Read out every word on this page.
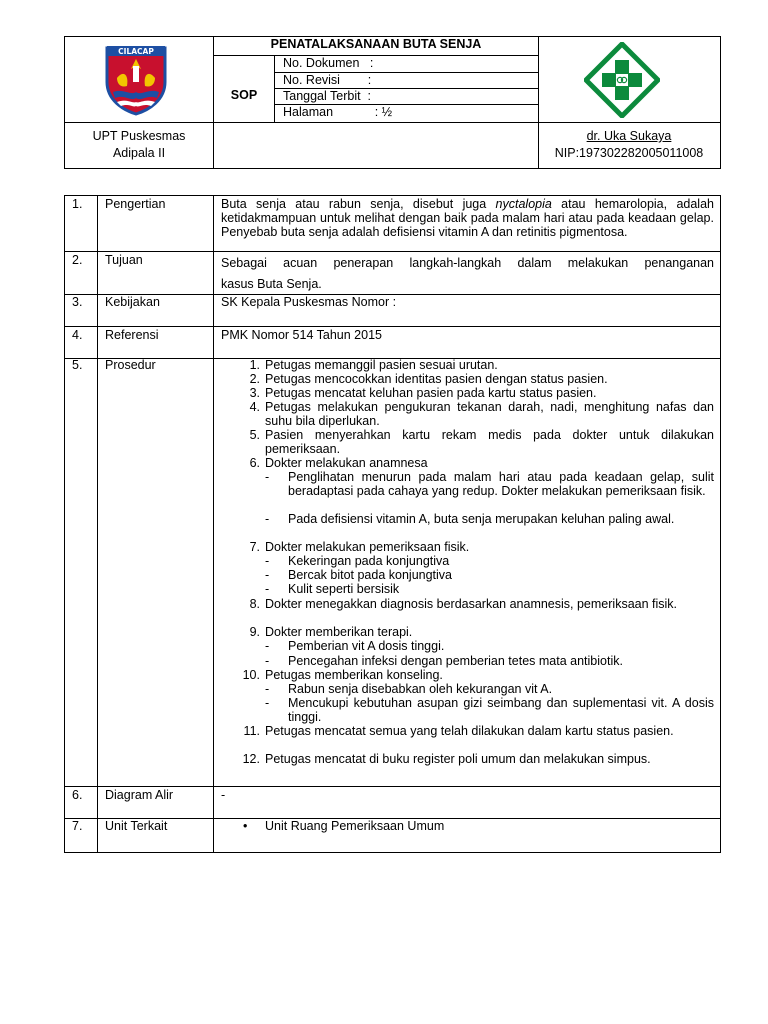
CILACAP
PENATALAKSANAAN BUTA SENJA
SOP
No. Dokumen   :
No. Revisi        :
Tanggal Terbit  :
Halaman            : ½
UPT Puskesmas
Adipala II
dr. Uka Sukaya
NIP:197302282005011008
1. Pengertian	Buta senja atau rabun senja, disebut juga nyctalopia atau hemarolopia, adalah ketidakmampuan untuk melihat dengan baik pada malam hari atau pada keadaan gelap. Penyebab buta senja adalah defisiensi vitamin A dan retinitis pigmentosa.
2. Tujuan	Sebagai acuan penerapan langkah-langkah dalam melakukan penanganan
kasus Buta Senja.
3. Kebijakan	SK Kepala Puskesmas Nomor :
4. Referensi	PMK Nomor 514 Tahun 2015
5. Prosedur	1. Petugas memanggil pasien sesuai urutan.
2. Petugas mencocokkan identitas pasien dengan status pasien.
3. Petugas mencatat keluhan pasien pada kartu status pasien.
4. Petugas melakukan pengukuran tekanan darah, nadi, menghitung nafas dan suhu bila diperlukan.
5. Pasien menyerahkan kartu rekam medis pada dokter untuk dilakukan pemeriksaan.
6. Dokter melakukan anamnesa
- Penglihatan menurun pada malam hari atau pada keadaan gelap, sulit beradaptasi pada cahaya yang redup. Dokter melakukan pemeriksaan fisik.
- Pada defisiensi vitamin A, buta senja merupakan keluhan paling awal.
7. Dokter melakukan pemeriksaan fisik.
- Kekeringan pada konjungtiva
- Bercak bitot pada konjungtiva
- Kulit seperti bersisik
8. Dokter menegakkan diagnosis berdasarkan anamnesis, pemeriksaan fisik.
9. Dokter memberikan terapi.
- Pemberian vit A dosis tinggi.
- Pencegahan infeksi dengan pemberian tetes mata antibiotik.
10. Petugas memberikan konseling.
- Rabun senja disebabkan oleh kekurangan vit A.
- Mencukupi kebutuhan asupan gizi seimbang dan suplementasi vit. A dosis tinggi.
11. Petugas mencatat semua yang telah dilakukan dalam kartu status pasien.
12. Petugas mencatat di buku register poli umum dan melakukan simpus.
6. Diagram Alir	-
7. Unit Terkait	• Unit Ruang Pemeriksaan Umum
